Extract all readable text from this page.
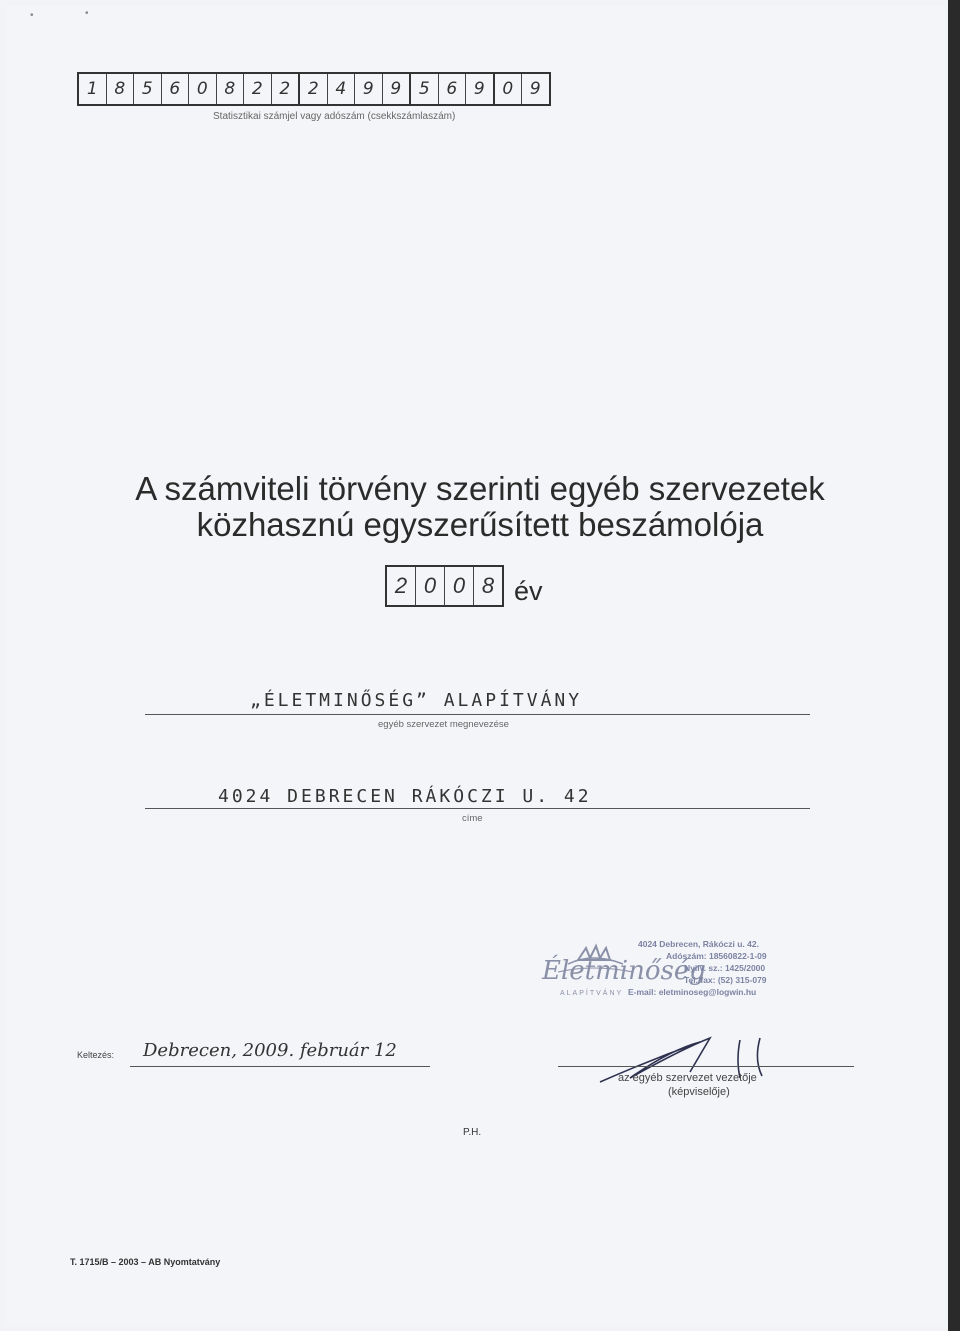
•	•
1 8 5 6 0 8 2 2	2 4 9 9	5 6 9	0 9
Statisztikai számjel vagy adószám (csekkszámlaszám)
A számviteli törvény szerinti egyéb szervezetek
közhasznú egyszerűsített beszámolója
2 0 0 8 év
„ÉLETMINŐSÉG” ALAPÍTVÁNY
egyéb szervezet megnevezése
4024 DEBRECEN RÁKÓCZI U. 42
címe
Életminőség
ALAPÍTVÁNY
4024 Debrecen, Rákóczi u. 42.
Adószám: 18560822-1-09
Nyilv. sz.: 1425/2000
Tel./fax: (52) 315-079
E-mail: eletminoseg@logwin.hu
Keltezés: Debrecen, 2009. február 12
az egyéb szervezet vezetője
(képviselője)
P.H.
T. 1715/B – 2003 – AB Nyomtatvány
